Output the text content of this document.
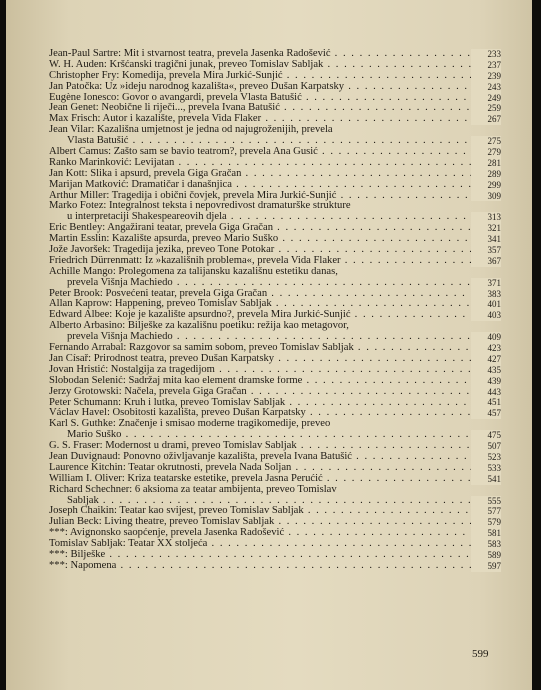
Jean-Paul Sartre: Mit i stvarnost teatra, prevela Jasenka Radošević . . .	233
W. H. Auden: Kršćanski tragični junak, preveo Tomislav Sabljak . . .	237
Christopher Fry: Komedija, prevela Mira Jurkić-Sunjić . . .	239
Jan Patočka: Uz »ideju narodnog kazališta«, preveo Dušan Karpatsky . . .	243
Eugène Ionesco: Govor o avangardi, prevela Vlasta Batušić . . .	249
Jean Genet: Neobične li riječi..., prevela Ivana Batušić . . .	259
Max Frisch: Autor i kazalište, prevela Vida Flaker . . .	267
Jean Vilar: Kazališna umjetnost je jedna od najugroženijih, prevela
Vlasta Batušić . . .	275
Albert Camus: Zašto sam se bavio teatrom?, prevela Ana Gusić . . .	279
Ranko Marinković: Levijatan . . .	281
Jan Kott: Slika i apsurd, prevela Giga Gračan . . .	289
Marijan Matković: Dramatičar i današnjica . . .	299
Arthur Miller: Tragedija i obični čovjek, prevela Mira Jurkić-Sunjić . . .	309
Marko Fotez: Integralnost teksta i nepovredivost dramaturške strukture
u interpretaciji Shakespeareovih djela . . .	313
Eric Bentley: Angažirani teatar, prevela Giga Gračan . . .	321
Martin Esslin: Kazalište apsurda, preveo Mario Suško . . .	341
Jože Javoršek: Tragedija jezika, preveo Tone Potokar . . .	357
Friedrich Dürrenmatt: Iz »kazališnih problema«, prevela Vida Flaker . . .	367
Achille Mango: Prolegomena za talijansku kazališnu estetiku danas,
prevela Višnja Machiedo . . .	371
Peter Brook: Posvećeni teatar, prevela Giga Gračan . . .	383
Allan Kaprow: Happening, preveo Tomislav Sabljak . . .	401
Edward Albee: Koje je kazalište apsurdno?, prevela Mira Jurkić-Sunjić . . .	403
Alberto Arbasino: Bilješke za kazališnu poetiku: režija kao metagovor,
prevela Višnja Machiedo . . .	409
Fernando Arrabal: Razgovor sa samim sobom, preveo Tomislav Sabljak . . .	423
Jan Císař: Prirodnost teatra, preveo Dušan Karpatsky . . .	427
Jovan Hristić: Nostalgija za tragedijom . . .	435
Slobodan Selenić: Sadržaj mita kao element dramske forme . . .	439
Jerzy Grotowski: Načela, prevela Giga Gračan . . .	443
Peter Schumann: Kruh i lutka, preveo Tomislav Sabljak . . .	451
Václav Havel: Osobitosti kazališta, preveo Dušan Karpatsky . . .	457
Karl S. Guthke: Značenje i smisao moderne tragikomedije, preveo
Mario Suško . . .	475
G. S. Fraser: Modernost u drami, preveo Tomislav Sabljak . . .	507
Jean Duvignaud: Ponovno oživljavanje kazališta, prevela Ivana Batušić . . .	523
Laurence Kitchin: Teatar okrutnosti, prevela Nada Šoljan . . .	533
William I. Oliver: Kriza teatarske estetike, prevela Jasna Perućić . . .	541
Richard Schechner: 6 aksioma za teatar ambijenta, preveo Tomislav
Sabljak . . .	555
Joseph Chaikin: Teatar kao svijest, preveo Tomislav Sabljak . . .	577
Julian Beck: Living theatre, preveo Tomislav Sabljak . . .	579
***: Avignonsko saopćenje, prevela Jasenka Radošević . . .	581
Tomislav Sabljak: Teatar XX stoljeća . . .	583
***: Bilješke . . .	589
***: Napomena . . .	597
599
